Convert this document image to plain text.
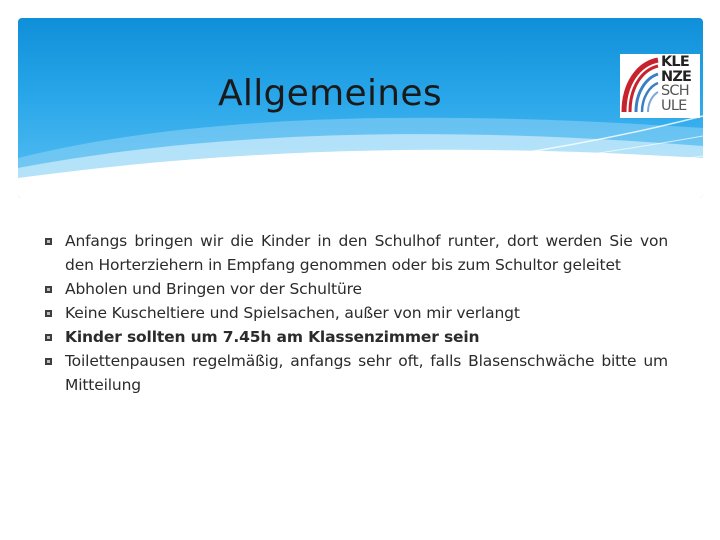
Allgemeines
KLE
NZE
SCH
ULE
Anfangs bringen wir die Kinder in den Schulhof runter, dort werden Sie von den Horterziehern in Empfang genommen oder bis zum Schultor geleitet
Abholen und Bringen vor der Schultüre
Keine Kuscheltiere und Spielsachen, außer von mir verlangt
Kinder sollten um 7.45h am Klassenzimmer sein
Toilettenpausen regelmäßig, anfangs sehr oft, falls Blasenschwäche bitte um Mitteilung
